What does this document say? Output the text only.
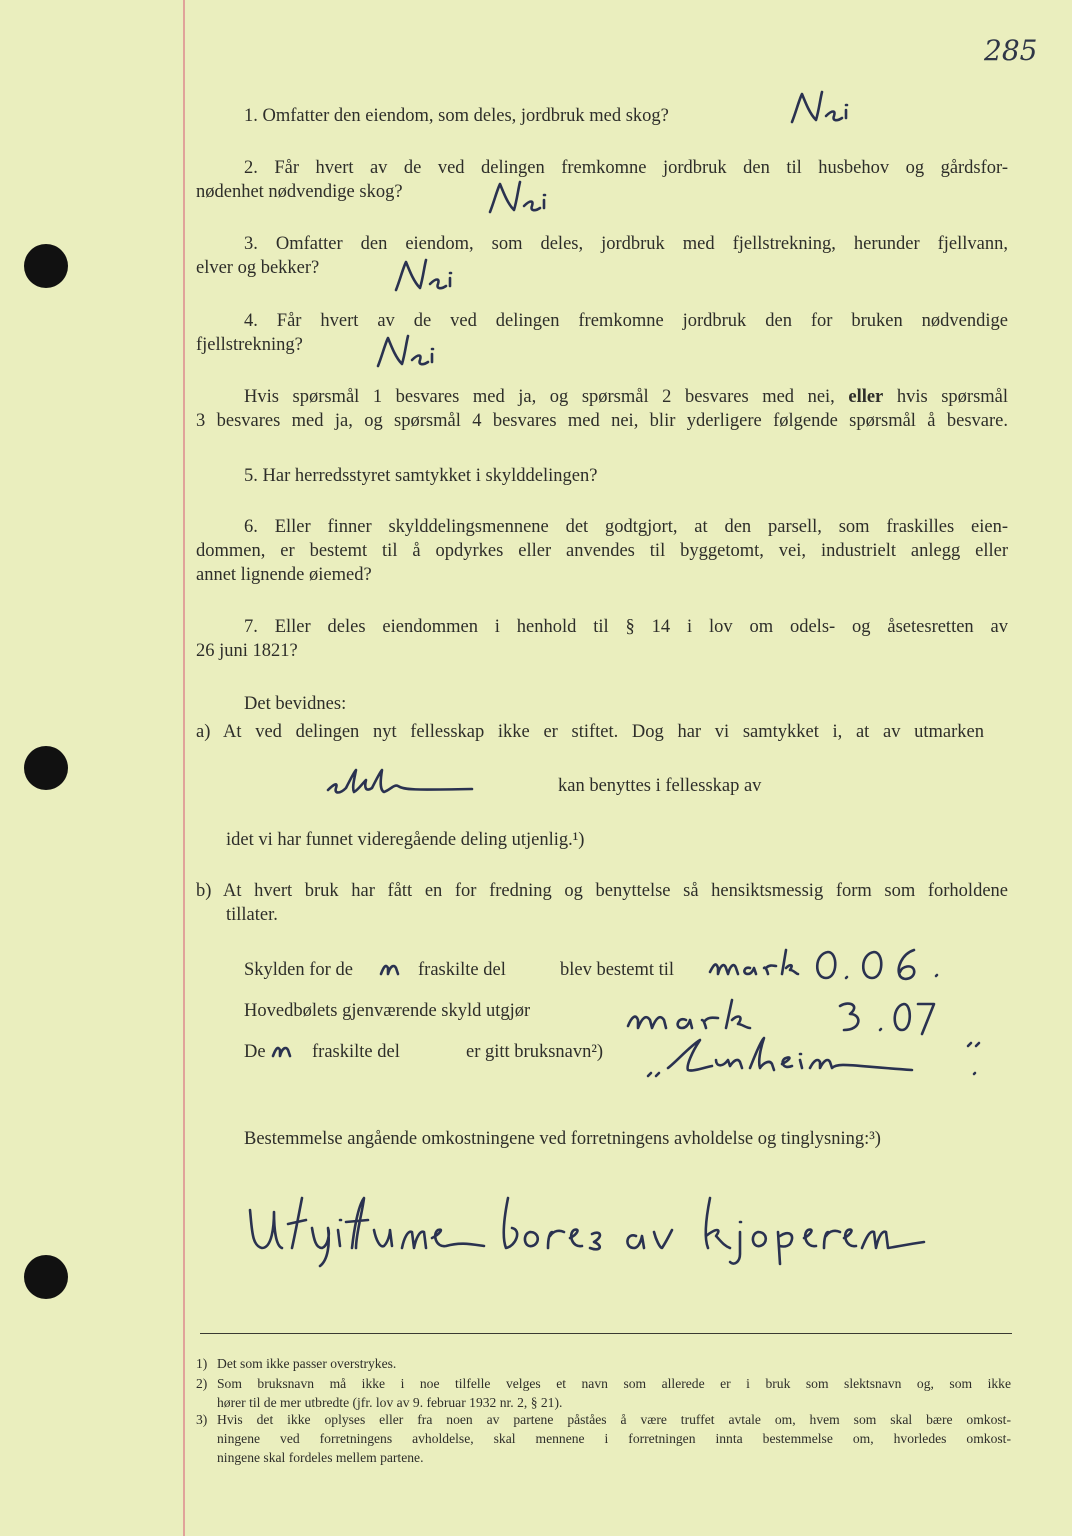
285
1. Omfatter den eiendom, som deles, jordbruk med skog?
2. Får hvert av de ved delingen fremkomne jordbruk den til husbehov og gårdsfor-
nødenhet nødvendige skog?
3. Omfatter den eiendom, som deles, jordbruk med fjellstrekning, herunder fjellvann,
elver og bekker?
4. Får hvert av de ved delingen fremkomne jordbruk den for bruken nødvendige
fjellstrekning?
Hvis spørsmål 1 besvares med ja, og spørsmål 2 besvares med nei, eller hvis spørsmål
3 besvares med ja, og spørsmål 4 besvares med nei, blir yderligere følgende spørsmål å besvare.
5. Har herredsstyret samtykket i skylddelingen?
6. Eller finner skylddelingsmennene det godtgjort, at den parsell, som fraskilles eien-
dommen, er bestemt til å opdyrkes eller anvendes til byggetomt, vei, industrielt anlegg eller
annet lignende øiemed?
7. Eller deles eiendommen i henhold til § 14 i lov om odels- og åsetesretten av
26 juni 1821?
Det bevidnes:
a) At ved delingen nyt fellesskap ikke er stiftet. Dog har vi samtykket i, at av utmarken
kan benyttes i fellesskap av
idet vi har funnet videregående deling utjenlig.¹)
b) At hvert bruk har fått en for fredning og benyttelse så hensiktsmessig form som forholdene
tillater.
Skylden for de	fraskilte del	blev bestemt til
Hovedbølets gjenværende skyld utgjør
De	fraskilte del	er gitt bruksnavn²)
Bestemmelse angående omkostningene ved forretningens avholdelse og tinglysning:³)
1) Det som ikke passer overstrykes.
2) Som bruksnavn må ikke i noe tilfelle velges et navn som allerede er i bruk som slektsnavn og, som ikke
hører til de mer utbredte (jfr. lov av 9. februar 1932 nr. 2, § 21).
3) Hvis det ikke oplyses eller fra noen av partene påståes å være truffet avtale om, hvem som skal bære omkost-
ningene ved forretningens avholdelse, skal mennene i forretningen innta bestemmelse om, hvorledes omkost-
ningene skal fordeles mellem partene.
